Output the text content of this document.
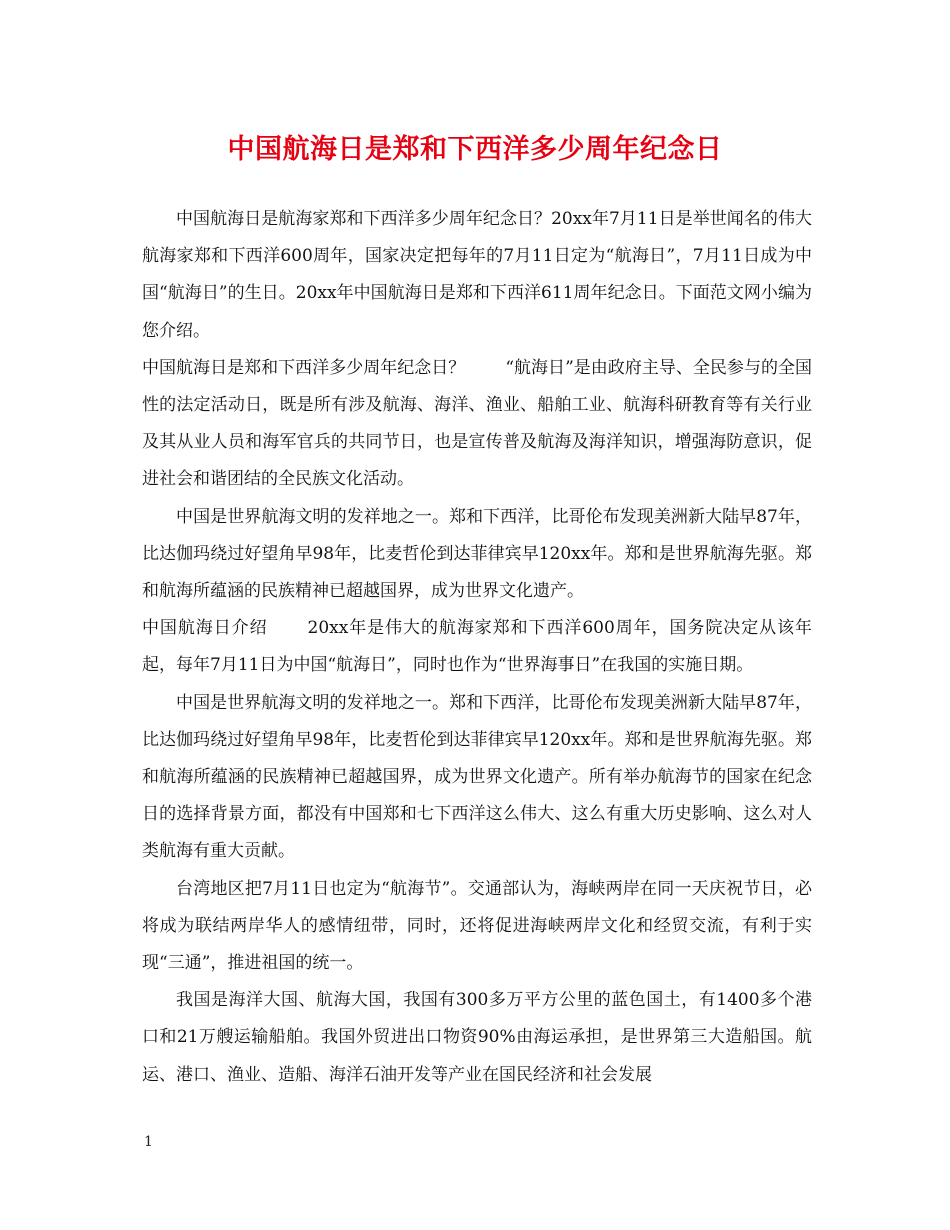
中国航海日是郑和下西洋多少周年纪念日

中国航海日是航海家郑和下西洋多少周年纪念日？20xx年7月11日是举世闻名的伟大航海家郑和下西洋600周年，国家决定把每年的7月11日定为“航海日”，7月11日成为中国“航海日”的生日。20xx年中国航海日是郑和下西洋611周年纪念日。下面范文网小编为您介绍。

中国航海日是郑和下西洋多少周年纪念日？ “航海日”是由政府主导、全民参与的全国性的法定活动日，既是所有涉及航海、海洋、渔业、船舶工业、航海科研教育等有关行业及其从业人员和海军官兵的共同节日，也是宣传普及航海及海洋知识，增强海防意识，促进社会和谐团结的全民族文化活动。

中国是世界航海文明的发祥地之一。郑和下西洋，比哥伦布发现美洲新大陆早87年，比达伽玛绕过好望角早98年，比麦哲伦到达菲律宾早120xx年。郑和是世界航海先驱。郑和航海所蕴涵的民族精神已超越国界，成为世界文化遗产。

中国航海日介绍 20xx年是伟大的航海家郑和下西洋600周年，国务院决定从该年起，每年7月11日为中国“航海日”，同时也作为“世界海事日”在我国的实施日期。

中国是世界航海文明的发祥地之一。郑和下西洋，比哥伦布发现美洲新大陆早87年，比达伽玛绕过好望角早98年，比麦哲伦到达菲律宾早120xx年。郑和是世界航海先驱。郑和航海所蕴涵的民族精神已超越国界，成为世界文化遗产。所有举办航海节的国家在纪念日的选择背景方面，都没有中国郑和七下西洋这么伟大、这么有重大历史影响、这么对人类航海有重大贡献。

台湾地区把7月11日也定为“航海节”。交通部认为，海峡两岸在同一天庆祝节日，必将成为联结两岸华人的感情纽带，同时，还将促进海峡两岸文化和经贸交流，有利于实现“三通”，推进祖国的统一。

我国是海洋大国、航海大国，我国有300多万平方公里的蓝色国土，有1400多个港口和21万艘运输船舶。我国外贸进出口物资90%由海运承担，是世界第三大造船国。航运、港口、渔业、造船、海洋石油开发等产业在国民经济和社会发展

1
